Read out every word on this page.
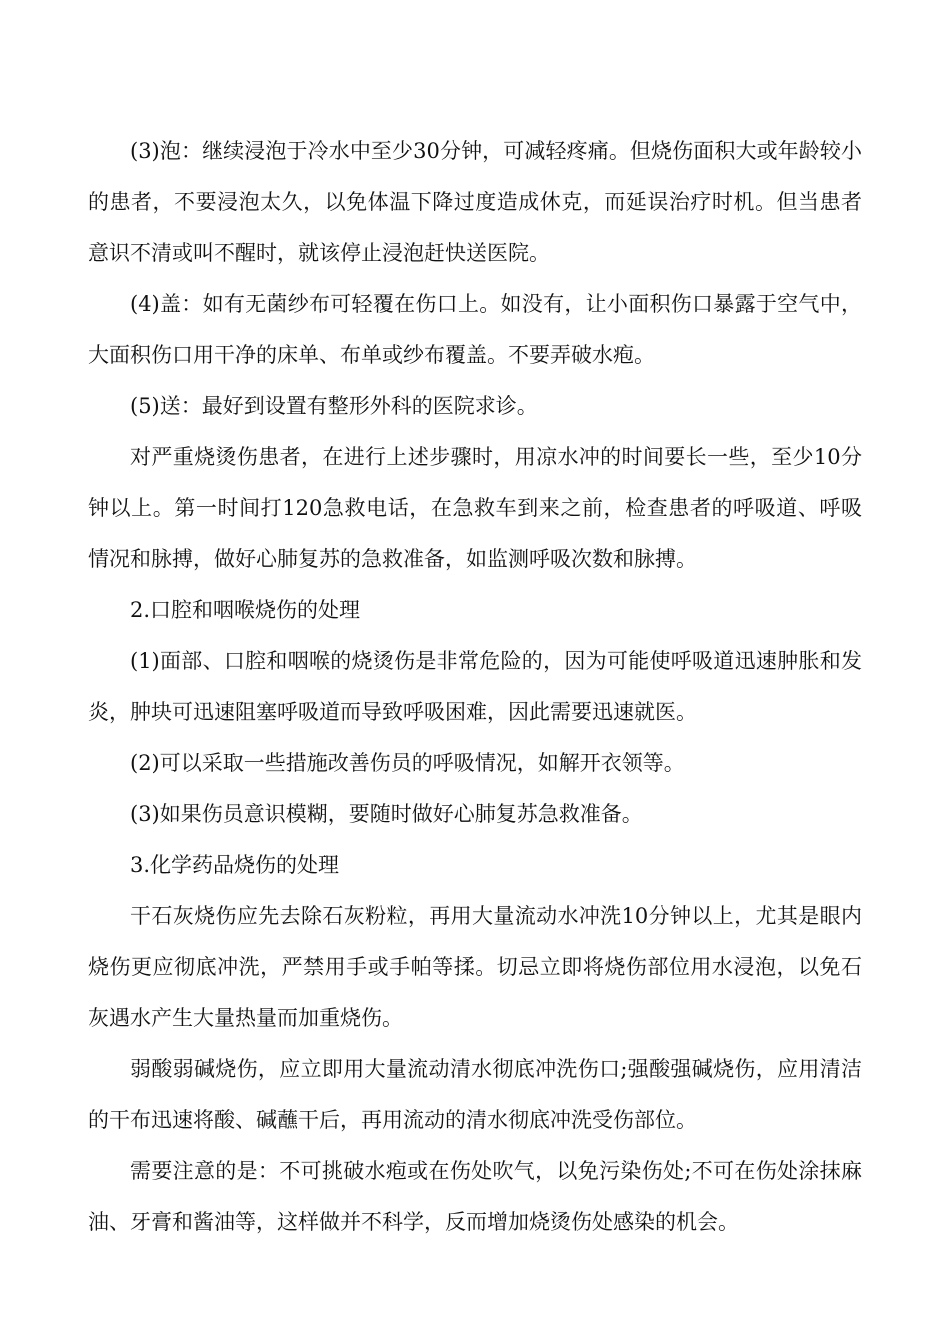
(3)泡：继续浸泡于冷水中至少30分钟，可减轻疼痛。但烧伤面积大或年龄较小的患者，不要浸泡太久，以免体温下降过度造成休克，而延误治疗时机。但当患者意识不清或叫不醒时，就该停止浸泡赶快送医院。

(4)盖：如有无菌纱布可轻覆在伤口上。如没有，让小面积伤口暴露于空气中，大面积伤口用干净的床单、布单或纱布覆盖。不要弄破水疱。

(5)送：最好到设置有整形外科的医院求诊。

对严重烧烫伤患者，在进行上述步骤时，用凉水冲的时间要长一些，至少10分钟以上。第一时间打120急救电话，在急救车到来之前，检查患者的呼吸道、呼吸情况和脉搏，做好心肺复苏的急救准备，如监测呼吸次数和脉搏。

2.口腔和咽喉烧伤的处理

(1)面部、口腔和咽喉的烧烫伤是非常危险的，因为可能使呼吸道迅速肿胀和发炎，肿块可迅速阻塞呼吸道而导致呼吸困难，因此需要迅速就医。

(2)可以采取一些措施改善伤员的呼吸情况，如解开衣领等。

(3)如果伤员意识模糊，要随时做好心肺复苏急救准备。

3.化学药品烧伤的处理

干石灰烧伤应先去除石灰粉粒，再用大量流动水冲洗10分钟以上，尤其是眼内烧伤更应彻底冲洗，严禁用手或手帕等揉。切忌立即将烧伤部位用水浸泡，以免石灰遇水产生大量热量而加重烧伤。

弱酸弱碱烧伤，应立即用大量流动清水彻底冲洗伤口;强酸强碱烧伤，应用清洁的干布迅速将酸、碱蘸干后，再用流动的清水彻底冲洗受伤部位。

需要注意的是：不可挑破水疱或在伤处吹气，以免污染伤处;不可在伤处涂抹麻油、牙膏和酱油等，这样做并不科学，反而增加烧烫伤处感染的机会。
